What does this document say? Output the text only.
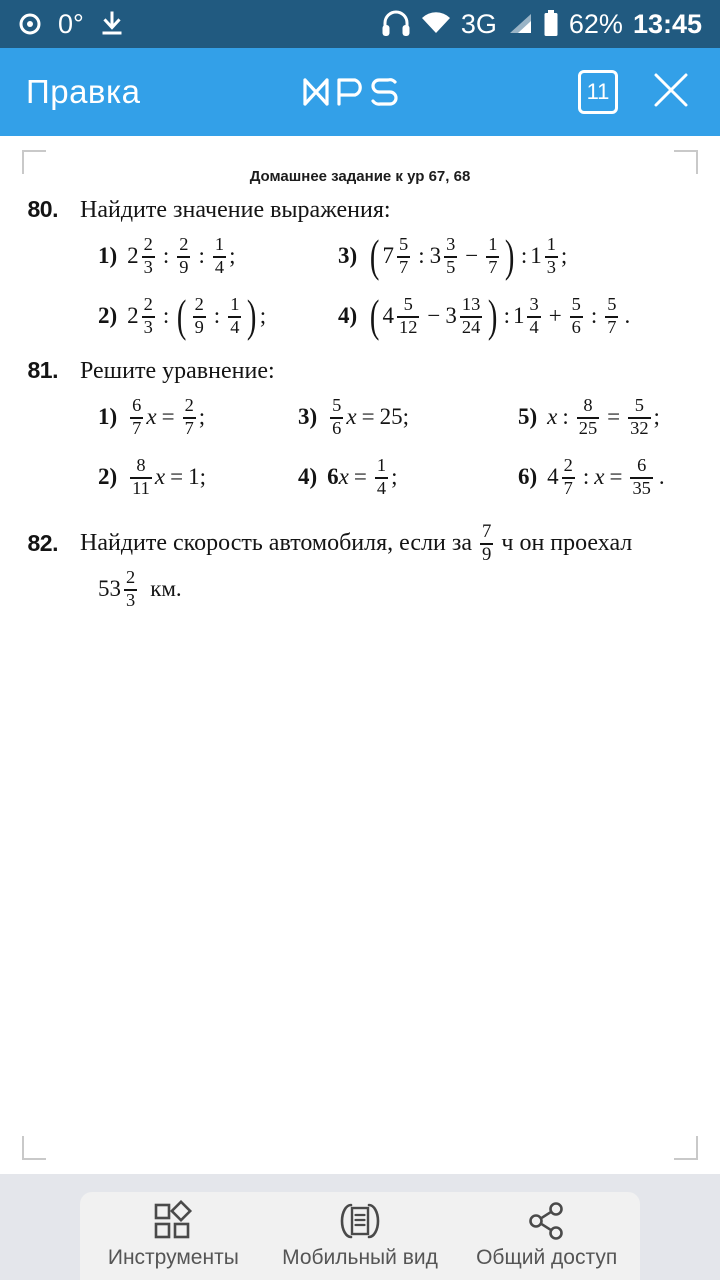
0°	3G	62% 13:45
Правка	11
Домашнее задание к ур 67, 68
80. Найдите значение выражения:
1) $2 \frac{2}{3}$ : $\frac{2}{9}$ : $\frac{1}{4}$ ;	3) ( $7 \frac{5}{7}$ : $3 \frac{3}{5} - \frac{1}{7}$ ) : $1 \frac{1}{3}$ ;
2) $2 \frac{2}{3}$ : ( $\frac{2}{9}$ : $\frac{1}{4}$ ) ;	4) ( $4 \frac{5}{12} - 3 \frac{13}{24}$ ) : $1 \frac{3}{4} + \frac{5}{6}$ : $\frac{5}{7}$ .
81. Решите уравнение:
$1) \frac{6}{7}$ $x = \frac{2}{7}$ ;	$3) \frac{5}{6}$ x = 25 ;	5) x : $\frac{8}{25} = \frac{5}{32}$ ;
$2) \frac{8}{11}$ x = 1 ;	4) 6 $x = \frac{1}{4}$ ;	6) $4 \frac{2}{7}$ : $x = \frac{6}{35}$ .
82. Найдите скорость автомобиля, если за $\frac{7}{9}$ ч он проехал
$53 \frac{2}{3}$ км.
Инструменты Мобильный вид Общий доступ
